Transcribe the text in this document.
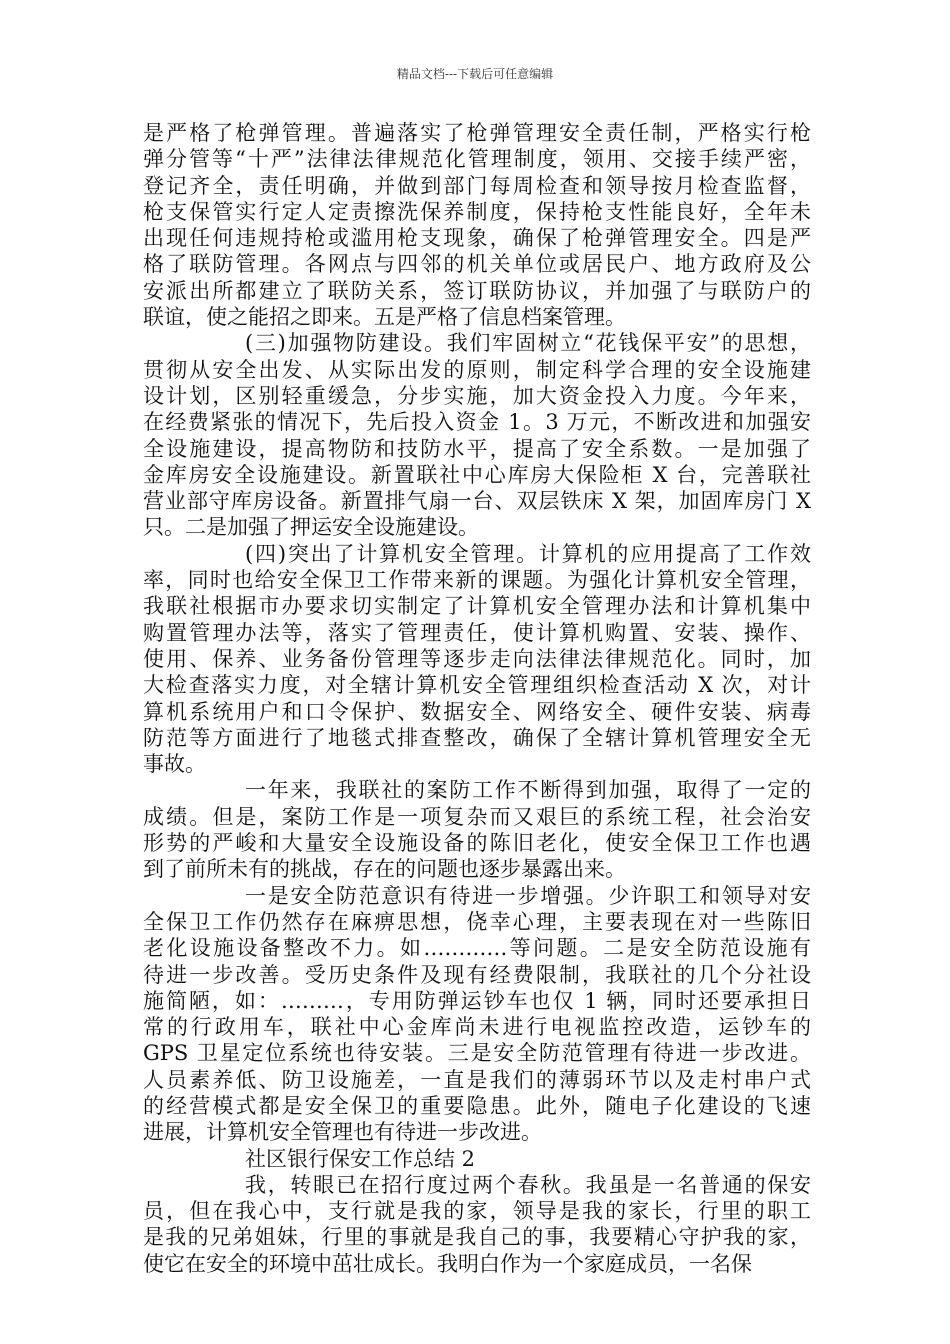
精品文档---下载后可任意编辑
是严格了枪弹管理。普遍落实了枪弹管理安全责任制，严格实行枪
弹分管等“十严”法律法律规范化管理制度，领用、交接手续严密，
登记齐全，责任明确，并做到部门每周检查和领导按月检查监督，
枪支保管实行定人定责擦洗保养制度，保持枪支性能良好，全年未
出现任何违规持枪或滥用枪支现象，确保了枪弹管理安全。四是严
格了联防管理。各网点与四邻的机关单位或居民户、地方政府及公
安派出所都建立了联防关系，签订联防协议，并加强了与联防户的
联谊，使之能招之即来。五是严格了信息档案管理。
(三)加强物防建设。我们牢固树立“花钱保平安”的思想，
贯彻从安全出发、从实际出发的原则，制定科学合理的安全设施建
设计划，区别轻重缓急，分步实施，加大资金投入力度。今年来，
在经费紧张的情况下，先后投入资金 1。3 万元，不断改进和加强安
全设施建设，提高物防和技防水平，提高了安全系数。一是加强了
金库房安全设施建设。新置联社中心库房大保险柜 X 台，完善联社
营业部守库房设备。新置排气扇一台、双层铁床 X 架，加固库房门 X
只。二是加强了押运安全设施建设。
(四)突出了计算机安全管理。计算机的应用提高了工作效
率，同时也给安全保卫工作带来新的课题。为强化计算机安全管理，
我联社根据市办要求切实制定了计算机安全管理办法和计算机集中
购置管理办法等，落实了管理责任，使计算机购置、安装、操作、
使用、保养、业务备份管理等逐步走向法律法律规范化。同时，加
大检查落实力度，对全辖计算机安全管理组织检查活动 X 次，对计
算机系统用户和口令保护、数据安全、网络安全、硬件安装、病毒
防范等方面进行了地毯式排查整改，确保了全辖计算机管理安全无
事故。
一年来，我联社的案防工作不断得到加强，取得了一定的
成绩。但是，案防工作是一项复杂而又艰巨的系统工程，社会治安
形势的严峻和大量安全设施设备的陈旧老化，使安全保卫工作也遇
到了前所未有的挑战，存在的问题也逐步暴露出来。
一是安全防范意识有待进一步增强。少许职工和领导对安
全保卫工作仍然存在麻痹思想，侥幸心理，主要表现在对一些陈旧
老化设施设备整改不力。如…………等问题。二是安全防范设施有
待进一步改善。受历史条件及现有经费限制，我联社的几个分社设
施简陋，如：………，专用防弹运钞车也仅 1 辆，同时还要承担日
常的行政用车，联社中心金库尚未进行电视监控改造，运钞车的
GPS 卫星定位系统也待安装。三是安全防范管理有待进一步改进。
人员素养低、防卫设施差，一直是我们的薄弱环节以及走村串户式
的经营模式都是安全保卫的重要隐患。此外，随电子化建设的飞速
进展，计算机安全管理也有待进一步改进。
社区银行保安工作总结 2
我，转眼已在招行度过两个春秋。我虽是一名普通的保安
员，但在我心中，支行就是我的家，领导是我的家长，行里的职工
是我的兄弟姐妹，行里的事就是我自己的事，我要精心守护我的家，
使它在安全的环境中茁壮成长。我明白作为一个家庭成员，一名保
